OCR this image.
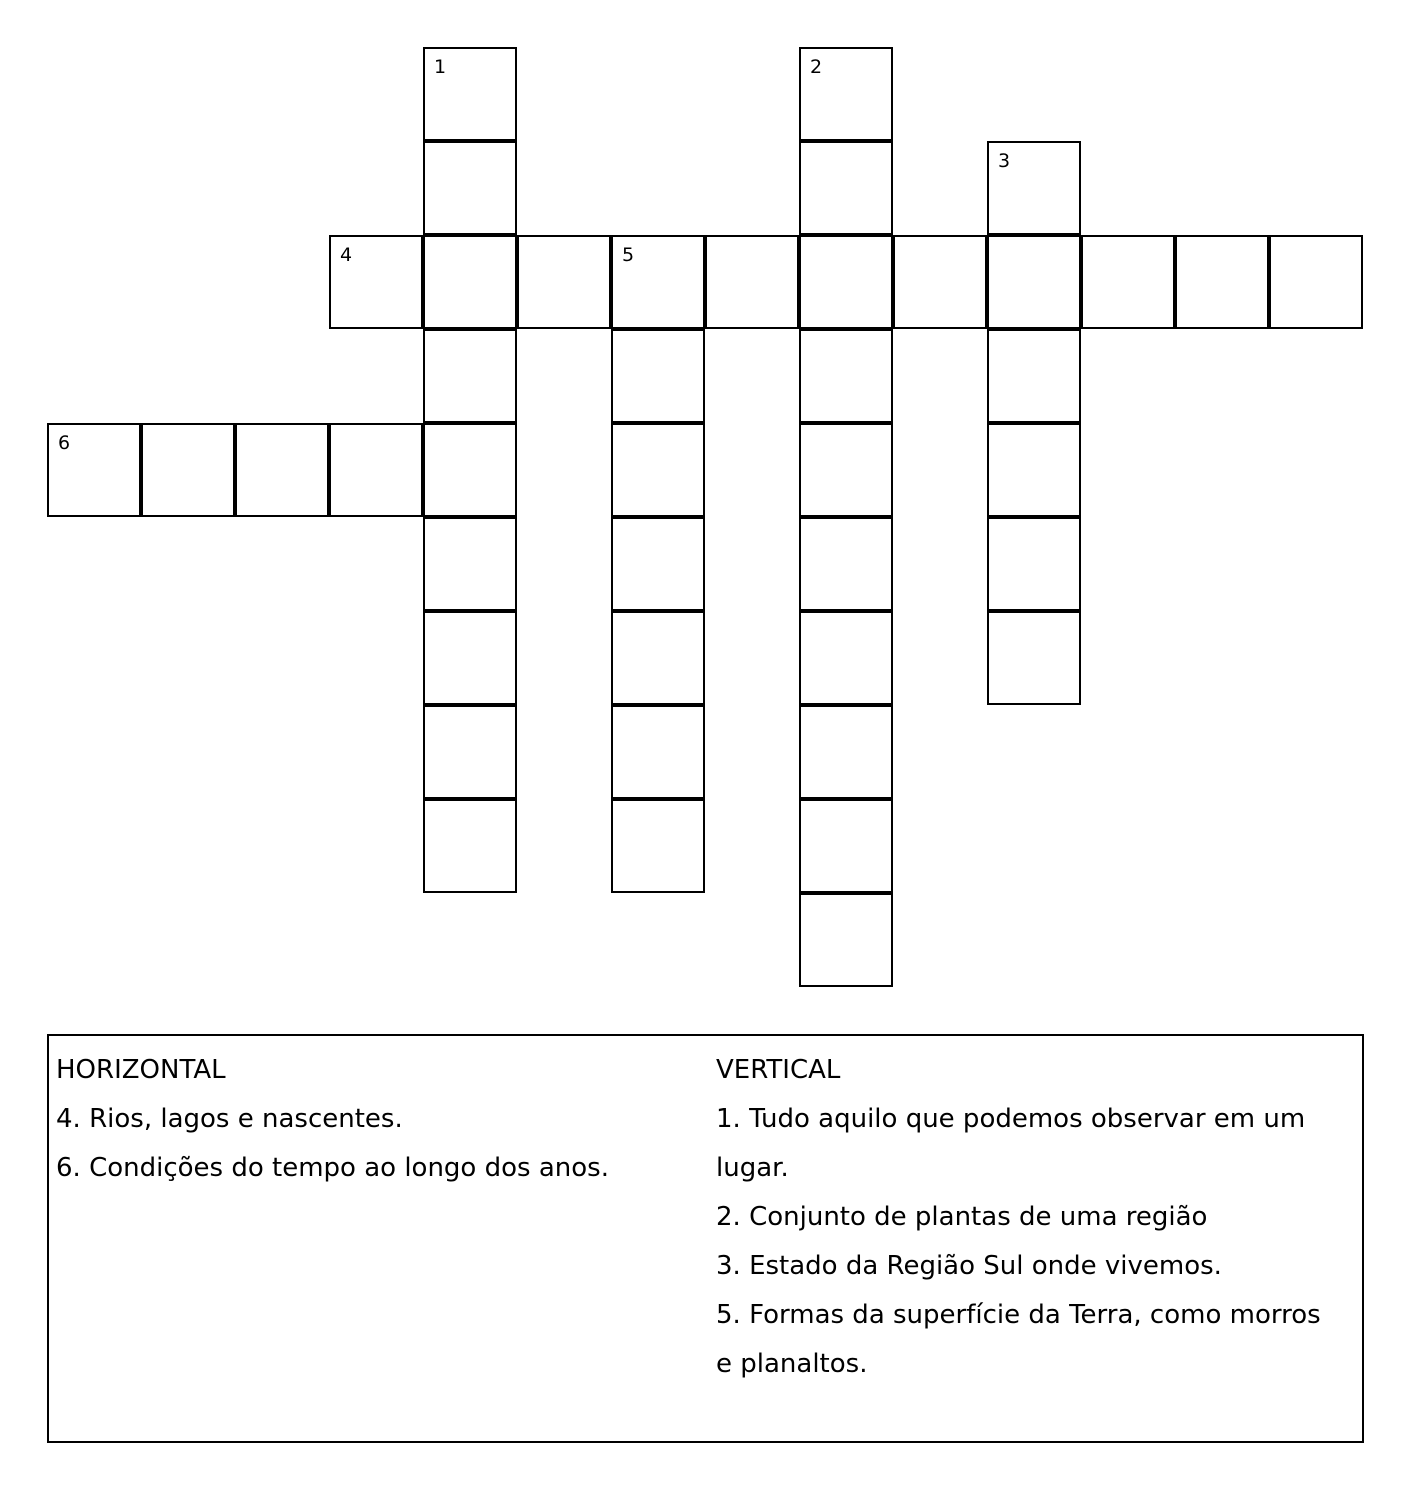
1	2
3
4	5
6
HORIZONTAL
4. Rios, lagos e nascentes.
6. Condições do tempo ao longo dos anos.
VERTICAL
1. Tudo aquilo que podemos observar em um
lugar.
2. Conjunto de plantas de uma região
3. Estado da Região Sul onde vivemos.
5. Formas da superfície da Terra, como morros
e planaltos.
